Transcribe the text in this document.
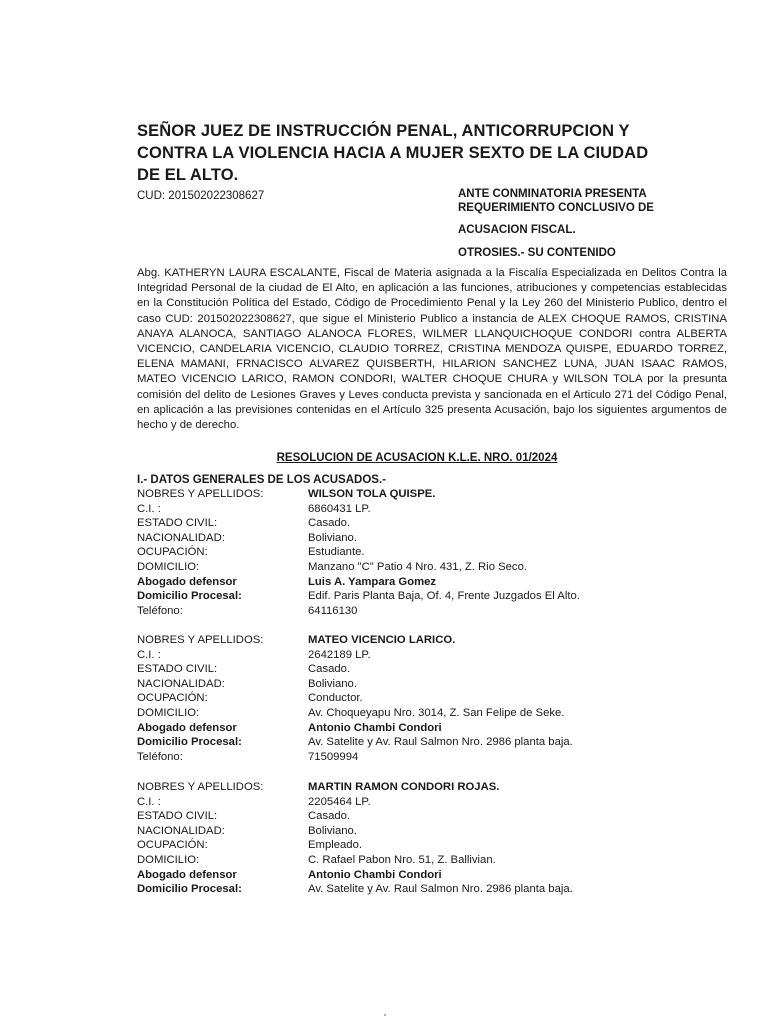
SEÑOR JUEZ DE INSTRUCCIÓN PENAL, ANTICORRUPCION Y
CONTRA LA VIOLENCIA HACIA A MUJER SEXTO DE LA CIUDAD
DE EL ALTO.
CUD: 201502022308627	ANTE CONMINATORIA PRESENTA
REQUERIMIENTO CONCLUSIVO DE
ACUSACION FISCAL.
OTROSIES.- SU CONTENIDO
Abg. KATHERYN LAURA ESCALANTE, Fiscal de Materia asignada a la Fiscalía Especializada en Delitos Contra la Integridad Personal de la ciudad de El Alto, en aplicación a las funciones, atribuciones y competencias establecidas en la Constitución Política del Estado, Código de Procedimiento Penal y la Ley 260 del Ministerio Publico, dentro el caso CUD: 201502022308627, que sigue el Ministerio Publico a instancia de ALEX CHOQUE RAMOS, CRISTINA ANAYA ALANOCA, SANTIAGO ALANOCA FLORES, WILMER LLANQUICHOQUE CONDORI contra ALBERTA VICENCIO, CANDELARIA VICENCIO, CLAUDIO TORREZ, CRISTINA MENDOZA QUISPE, EDUARDO TORREZ, ELENA MAMANI, FRNACISCO ALVAREZ QUISBERTH, HILARION SANCHEZ LUNA, JUAN ISAAC RAMOS, MATEO VICENCIO LARICO, RAMON CONDORI, WALTER CHOQUE CHURA y WILSON TOLA por la presunta comisión del delito de Lesiones Graves y Leves conducta prevista y sancionada en el Articulo 271 del Código Penal, en aplicación a las previsiones contenidas en el Artículo 325 presenta Acusación, bajo los siguientes argumentos de hecho y de derecho.
RESOLUCION DE ACUSACION K.L.E. NRO. 01/2024
I.- DATOS GENERALES DE LOS ACUSADOS.-
NOBRES Y APELLIDOS:	WILSON TOLA QUISPE.
C.I. :	6860431 LP.
ESTADO CIVIL:	Casado.
NACIONALIDAD:	Boliviano.
OCUPACIÓN:	Estudiante.
DOMICILIO:	Manzano "C" Patio 4 Nro. 431, Z. Rio Seco.
Abogado defensor	Luis A. Yampara Gomez
Domicilio Procesal:	Edif. Paris Planta Baja, Of. 4, Frente Juzgados El Alto.
Teléfono:	64116130
NOBRES Y APELLIDOS:	MATEO VICENCIO LARICO.
C.I. :	2642189 LP.
ESTADO CIVIL:	Casado.
NACIONALIDAD:	Boliviano.
OCUPACIÓN:	Conductor.
DOMICILIO:	Av. Choqueyapu Nro. 3014, Z. San Felipe de Seke.
Abogado defensor	Antonio Chambi Condori
Domicilio Procesal:	Av. Satelite y Av. Raul Salmon Nro. 2986 planta baja.
Teléfono:	71509994
NOBRES Y APELLIDOS:	MARTIN RAMON CONDORI ROJAS.
C.I. :	2205464 LP.
ESTADO CIVIL:	Casado.
NACIONALIDAD:	Boliviano.
OCUPACIÓN:	Empleado.
DOMICILIO:	C. Rafael Pabon Nro. 51, Z. Ballivian.
Abogado defensor	Antonio Chambi Condori
Domicilio Procesal:	Av. Satelite y Av. Raul Salmon Nro. 2986 planta baja.
